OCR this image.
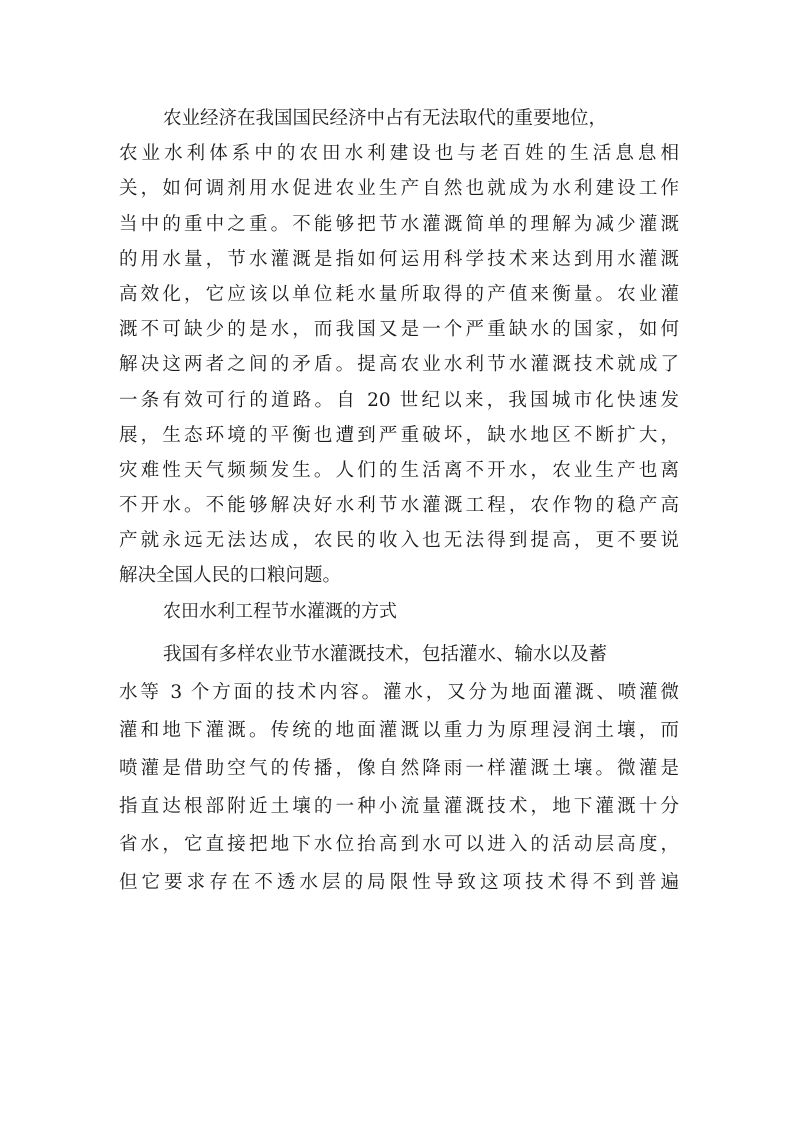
农业经济在我国国民经济中占有无法取代的重要地位，
农业水利体系中的农田水利建设也与老百姓的生活息息相
关，如何调剂用水促进农业生产自然也就成为水利建设工作
当中的重中之重。不能够把节水灌溉简单的理解为减少灌溉
的用水量，节水灌溉是指如何运用科学技术来达到用水灌溉
高效化，它应该以单位耗水量所取得的产值来衡量。农业灌
溉不可缺少的是水，而我国又是一个严重缺水的国家，如何
解决这两者之间的矛盾。提高农业水利节水灌溉技术就成了
一条有效可行的道路。自 20 世纪以来，我国城市化快速发
展，生态环境的平衡也遭到严重破坏，缺水地区不断扩大，
灾难性天气频频发生。人们的生活离不开水，农业生产也离
不开水。不能够解决好水利节水灌溉工程，农作物的稳产高
产就永远无法达成，农民的收入也无法得到提高，更不要说
解决全国人民的口粮问题。
农田水利工程节水灌溉的方式
我国有多样农业节水灌溉技术，包括灌水、输水以及蓄
水等 3 个方面的技术内容。灌水，又分为地面灌溉、喷灌微
灌和地下灌溉。传统的地面灌溉以重力为原理浸润土壤，而
喷灌是借助空气的传播，像自然降雨一样灌溉土壤。微灌是
指直达根部附近土壤的一种小流量灌溉技术，地下灌溉十分
省水，它直接把地下水位抬高到水可以进入的活动层高度，
但它要求存在不透水层的局限性导致这项技术得不到普遍
